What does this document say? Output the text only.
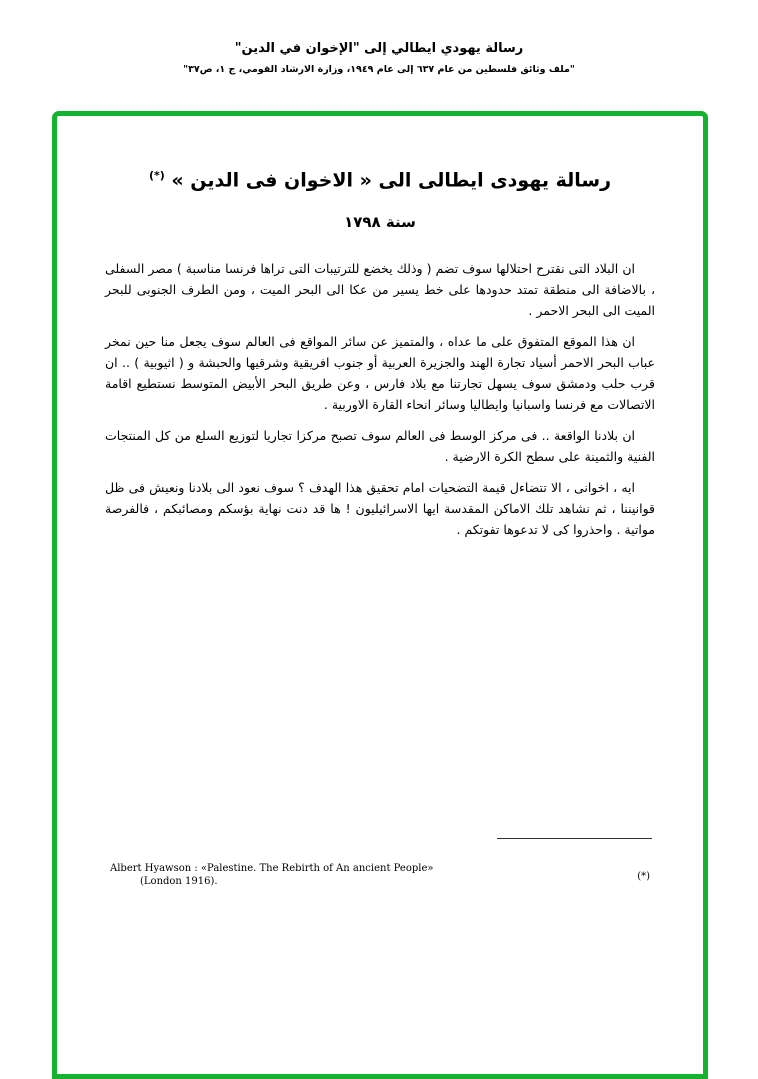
رسالة يهودي ايطالي إلى "الإخوان في الدين"
"ملف وثائق فلسطين من عام ٦٣٧ إلى عام ١٩٤٩، وزارة الارشاد القومي، ج ١، ص٣٧"
رسالة يهودى ايطالى الى « الاخوان فى الدين » (*)
سنة ١٧٩٨

ان البلاد التى نقترح احتلالها سوف تضم ( وذلك يخضع للترتيبات التى تراها فرنسا مناسبة ) مصر السفلى ، بالاضافة الى منطقة تمتد حدودها على خط يسير من عكا الى البحر الميت ، ومن الطرف الجنوبى للبحر الميت الى البحر الاحمر .

ان هذا الموقع المتفوق على ما عداه ، والمتميز عن سائر المواقع فى العالم سوف يجعل منا حين نمخر عباب البحر الاحمر أسياد تجارة الهند والجزيرة العربية أو جنوب افريقية وشرقيها والحبشة و ( اثيوبية ) .. ان قرب حلب ودمشق سوف يسهل تجارتنا مع بلاد فارس ، وعن طريق البحر الأبيض المتوسط نستطيع اقامة الاتصالات مع فرنسا واسبانيا وايطاليا وسائر انحاء القارة الاوربية .

ان بلادنا الواقعة .. فى مركز الوسط فى العالم سوف تصبح مركزا تجاريا لتوزيع السلع من كل المنتجات الفنية والثمينة على سطح الكرة الارضية .

ايه ، اخوانى ، الا تتضاءل قيمة التضحيات امام تحقيق هذا الهدف ؟ سوف نعود الى بلادنا ونعيش فى ظل قوانيننا ، ثم نشاهد تلك الاماكن المقدسة ايها الاسرائيليون ! ها قد دنت نهاية بؤسكم ومصائبكم ، فالفرصة مواتية . واحذروا كى لا تدعوها تفوتكم .

Albert Hyawson : «Palestine. The Rebirth of An ancient People»
(London 1916).	(*)
